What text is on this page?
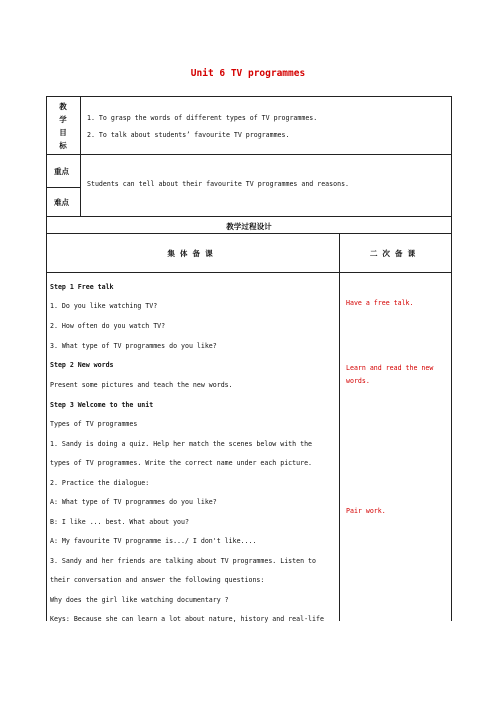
Unit 6 TV programmes
教学目标
1. To grasp the words of different types of TV programmes.
2. To talk about students’ favourite TV programmes.
重点
难点
Students can tell about their favourite TV programmes and reasons.
教学过程设计
集体备课	二次备课
Step 1 Free talk
1. Do you like watching TV?
2. How often do you watch TV?
3. What type of TV programmes do you like?
Step 2 New words
Present some pictures and teach the new words.
Step 3 Welcome to the unit
Types of TV programmes
1. Sandy is doing a quiz. Help her match the scenes below with the
types of TV programmes. Write the correct name under each picture.
2. Practice the dialogue:
A: What type of TV programmes do you like?
B: I like ... best. What about you?
A: My favourite TV programme is.../ I don't like....
3. Sandy and her friends are talking about TV programmes. Listen to
their conversation and answer the following questions:
Why does the girl like watching documentary ?
Keys: Because she can learn a lot about nature, history and real-life
Have a free talk.
Learn and read the new
words.
Pair work.
